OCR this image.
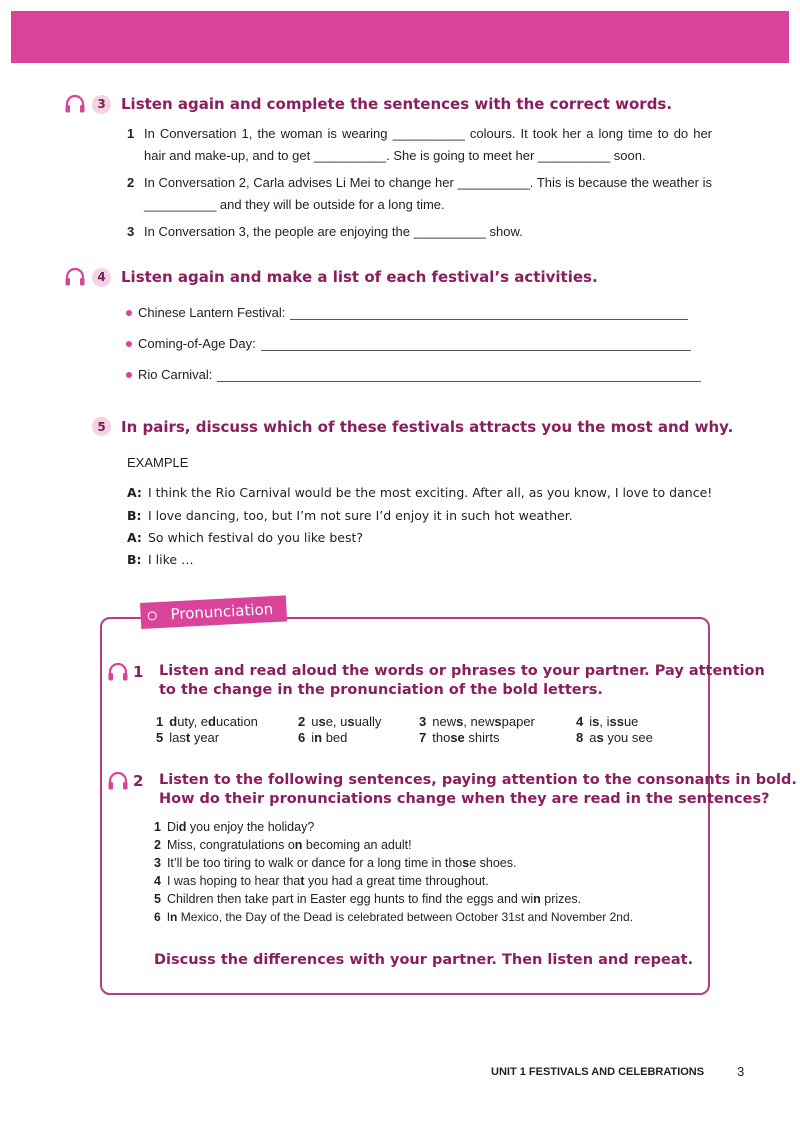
3	Listen again and complete the sentences with the correct words.
1 In Conversation 1, the woman is wearing __________ colours. It took her a long time to do her hair and make-up, and to get __________. She is going to meet her __________ soon.
2 In Conversation 2, Carla advises Li Mei to change her __________. This is because the weather is __________ and they will be outside for a long time.
3 In Conversation 3, the people are enjoying the __________ show.
4	Listen again and make a list of each festival’s activities.
Chinese Lantern Festival:
Coming-of-Age Day:
Rio Carnival:
5	In pairs, discuss which of these festivals attracts you the most and why.
EXAMPLE
A: I think the Rio Carnival would be the most exciting. After all, as you know, I love to dance!
B: I love dancing, too, but I’m not sure I’d enjoy it in such hot weather.
A: So which festival do you like best?
B: I like …
Pronunciation
1	Listen and read aloud the words or phrases to your partner. Pay attention
to the change in the pronunciation of the bold letters.
1 duty, education	2 use, usually	3 news, newspaper	4 is, issue
5 last year	6 in bed	7 those shirts	8 as you see
2	Listen to the following sentences, paying attention to the consonants in bold.
How do their pronunciations change when they are read in the sentences?
1 Did you enjoy the holiday?
2 Miss, congratulations on becoming an adult!
3 It’ll be too tiring to walk or dance for a long time in those shoes.
4 I was hoping to hear that you had a great time throughout.
5 Children then take part in Easter egg hunts to find the eggs and win prizes.
6 In Mexico, the Day of the Dead is celebrated between October 31st and November 2nd.
Discuss the differences with your partner. Then listen and repeat.
UNIT 1 FESTIVALS AND CELEBRATIONS	3
